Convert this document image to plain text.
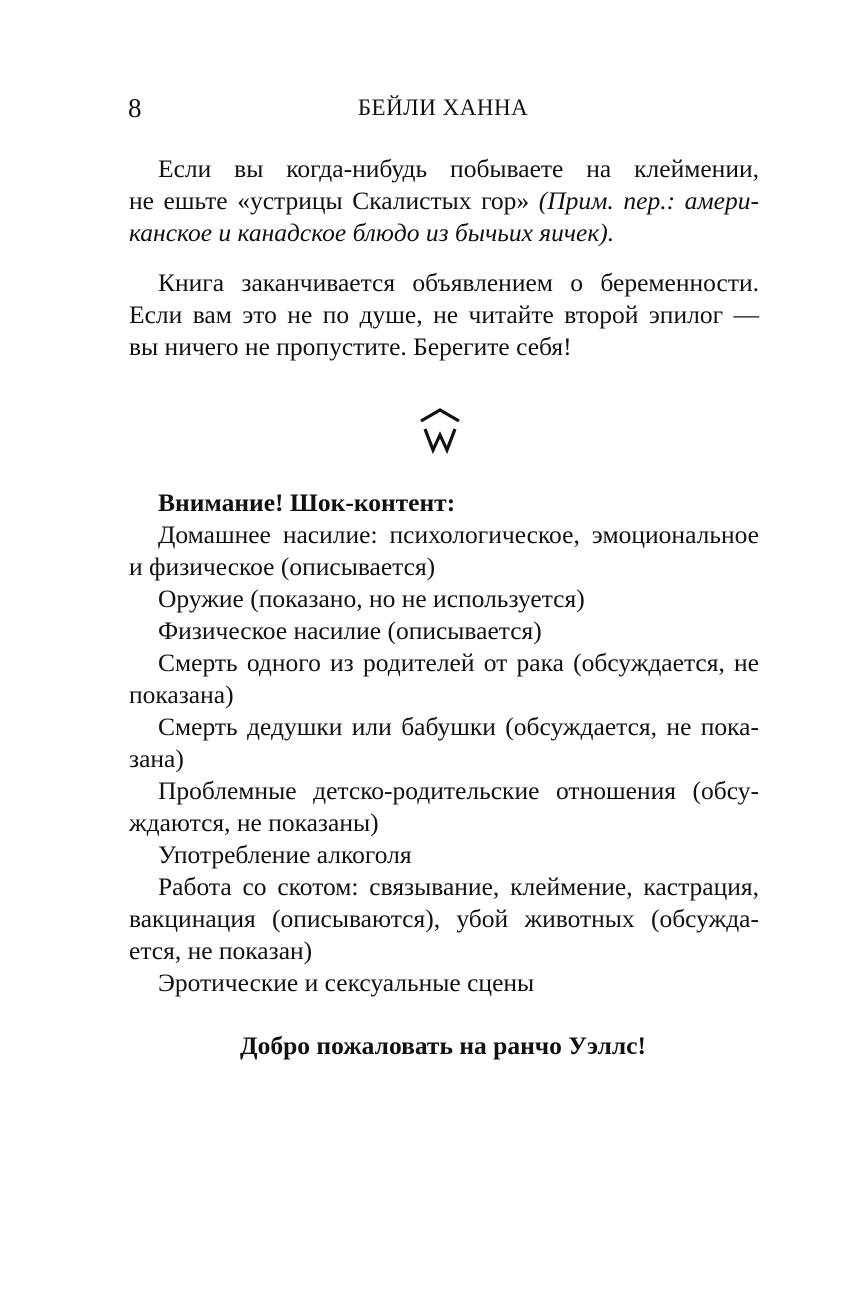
8	БЕЙЛИ ХАННА
Если вы когда-нибудь побываете на клеймении,
не ешьте «устрицы Скалистых гор» (Прим. пер.: амери-
канское и канадское блюдо из бычьих яичек).
Книга заканчивается объявлением о беременности.
Если вам это не по душе, не читайте второй эпилог —
вы ничего не пропустите. Берегите себя!
Внимание! Шок-контент:
Домашнее насилие: психологическое, эмоциональное
и физическое (описывается)
Оружие (показано, но не используется)
Физическое насилие (описывается)
Смерть одного из родителей от рака (обсуждается, не
показана)
Смерть дедушки или бабушки (обсуждается, не пока-
зана)
Проблемные детско-родительские отношения (обсу-
ждаются, не показаны)
Употребление алкоголя
Работа со скотом: связывание, клеймение, кастрация,
вакцинация (описываются), убой животных (обсужда-
ется, не показан)
Эротические и сексуальные сцены
Добро пожаловать на ранчо Уэллс!
